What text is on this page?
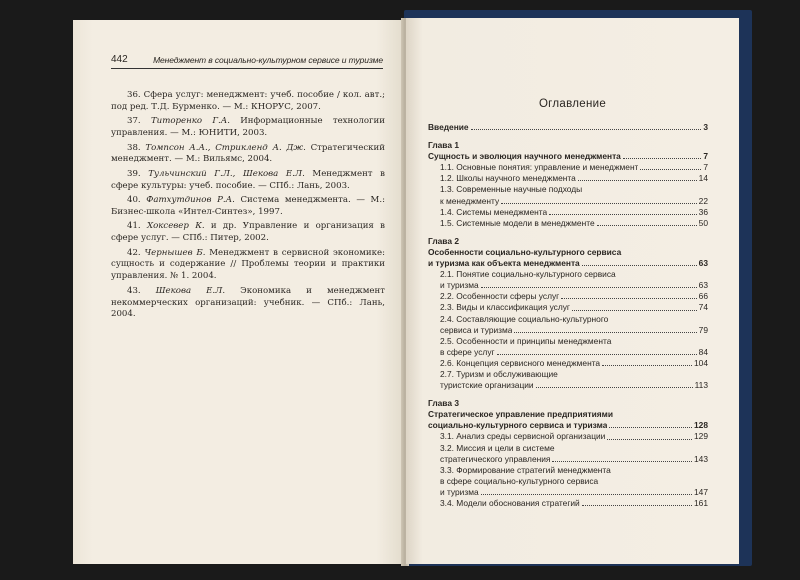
442	Менеджмент в социально-культурном сервисе и туризме

36. Сфера услуг: менеджмент: учеб. пособие / кол. авт.; под ред. Т.Д. Бурменко. — М.: КНОРУС, 2007.

37. Титоренко Г.А. Информационные технологии управления. — М.: ЮНИТИ, 2003.

38. Томпсон А.А., Стрикленд А. Дж. Стратегический менеджмент. — М.: Вильямс, 2004.

39. Тульчинский Г.Л., Шекова Е.Л. Менеджмент в сфере культуры: учеб. пособие. — СПб.: Лань, 2003.

40. Фатхутдинов Р.А. Система менеджмента. — М.: Бизнес-школа «Интел-Синтез», 1997.

41. Хоксевер К. и др. Управление и организация в сфере услуг. — СПб.: Питер, 2002.

42. Чернышев Б. Менеджмент в сервисной экономике: сущность и содержание // Проблемы теории и практики управления. № 1. 2004.

43. Шекова Е.Л. Экономика и менеджмент некоммерческих организаций: учебник. — СПб.: Лань, 2004.

Оглавление
Введение	3
Глава 1
Сущность и эволюция научного менеджмента	7
1.1. Основные понятия: управление и менеджмент	7
1.2. Школы научного менеджмента	14
1.3. Современные научные подходы
к менеджменту	22
1.4. Системы менеджмента	36
1.5. Системные модели в менеджменте	50
Глава 2
Особенности социально-культурного сервиса
и туризма как объекта менеджмента	63
2.1. Понятие социально-культурного сервиса
и туризма	63
2.2. Особенности сферы услуг	66
2.3. Виды и классификация услуг	74
2.4. Составляющие социально-культурного
сервиса и туризма	79
2.5. Особенности и принципы менеджмента
в сфере услуг	84
2.6. Концепция сервисного менеджмента	104
2.7. Туризм и обслуживающие
туристские организации	113
Глава 3
Стратегическое управление предприятиями
социально-культурного сервиса и туризма	128
3.1. Анализ среды сервисной организации	129
3.2. Миссия и цели в системе
стратегического управления	143
3.3. Формирование стратегий менеджмента
в сфере социально-культурного сервиса
и туризма	147
3.4. Модели обоснования стратегий	161
